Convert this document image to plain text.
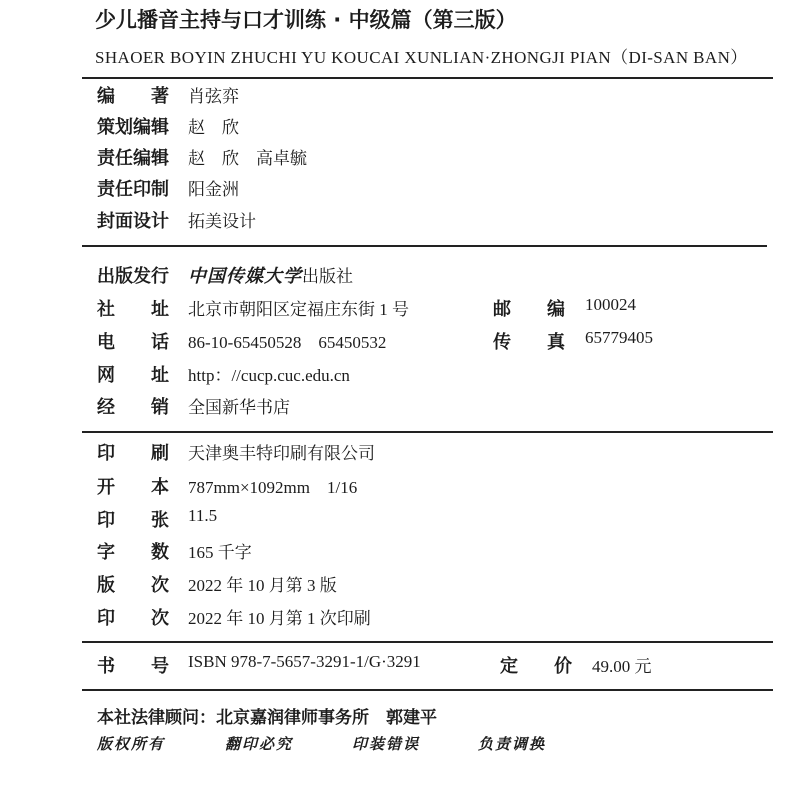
少儿播音主持与口才训练 · 中级篇（第三版）
SHAOER BOYIN ZHUCHI YU KOUCAI XUNLIAN·ZHONGJI PIAN（DI-SAN BAN）
编　　著 肖弦弈
策划编辑 赵　欣
责任编辑 赵　欣　高卓毓
责任印制 阳金洲
封面设计 拓美设计
出版发行 中国传媒大学出版社
社　　址 北京市朝阳区定福庄东街 1 号	邮　　编 100024
电　　话 86-10-65450528　65450532	传　　真 65779405
网　　址 http：//cucp.cuc.edu.cn
经　　销 全国新华书店
印　　刷 天津奥丰特印刷有限公司
开　　本 787mm×1092mm　1/16
印　　张 11.5
字　　数 165 千字
版　　次 2022 年 10 月第 3 版
印　　次 2022 年 10 月第 1 次印刷
书　　号 ISBN 978-7-5657-3291-1/G·3291	定　　价 49.00 元
本社法律顾问：北京嘉润律师事务所　郭建平
版权所有	翻印必究	印装错误	负责调换
